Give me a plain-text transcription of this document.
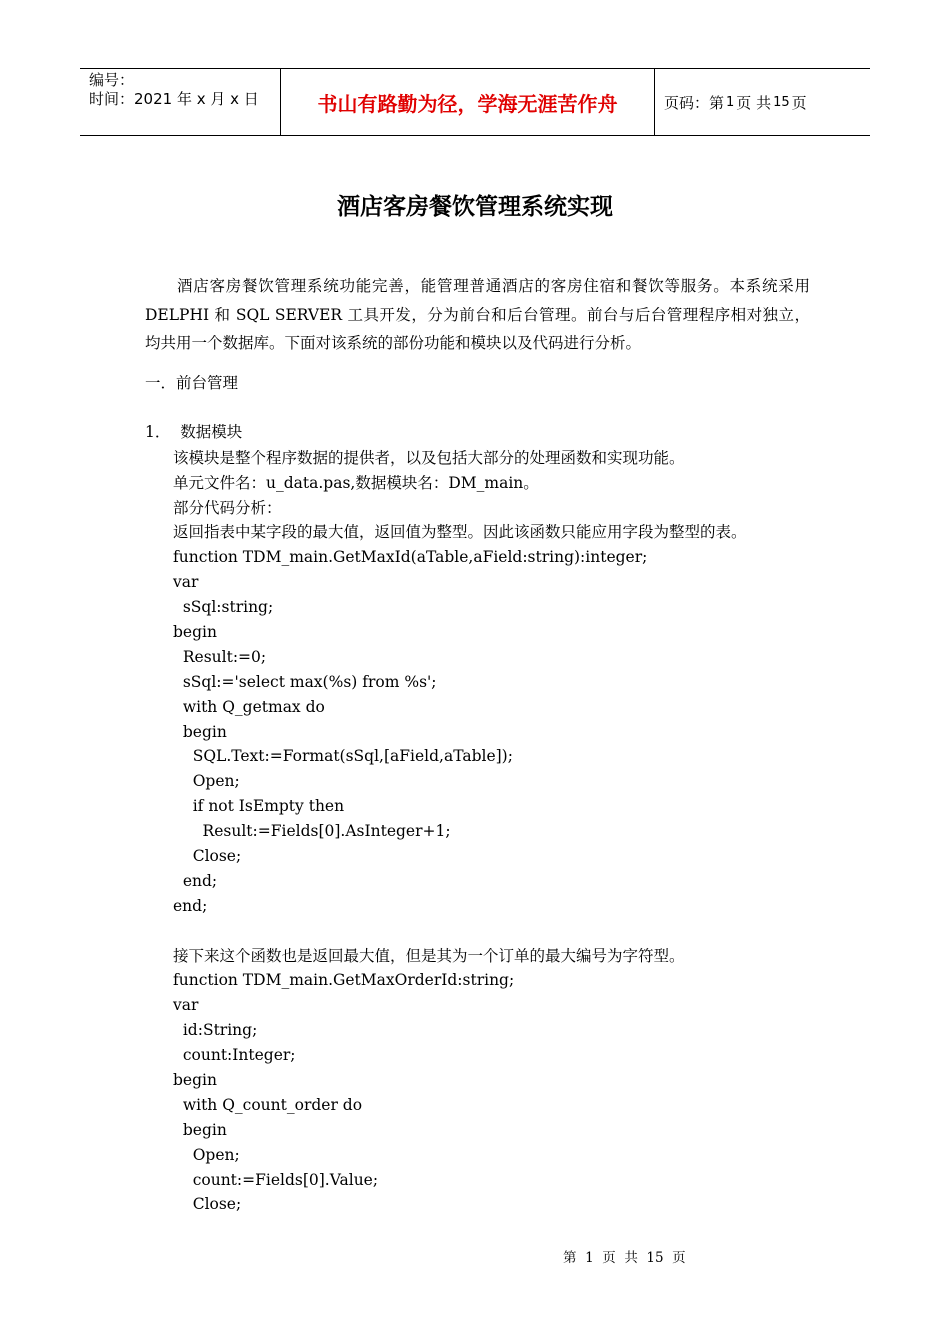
编号：
时间：2021 年 x 月 x 日	书山有路勤为径，学海无涯苦作舟	页码：第 1 页 共 15 页
酒店客房餐饮管理系统实现
酒店客房餐饮管理系统功能完善，能管理普通酒店的客房住宿和餐饮等服务。本系统采用 DELPHI 和 SQL SERVER 工具开发，分为前台和后台管理。前台与后台管理程序相对独立，均共用一个数据库。下面对该系统的部份功能和模块以及代码进行分析。
一．前台管理
1．  数据模块
该模块是整个程序数据的提供者，以及包括大部分的处理函数和实现功能。
单元文件名：u_data.pas,数据模块名：DM_main。
部分代码分析：
返回指表中某字段的最大值，返回值为整型。因此该函数只能应用字段为整型的表。
function TDM_main.GetMaxId(aTable,aField:string):integer;
var
sSql:string;
begin
Result:=0;
sSql:='select max(%s) from %s';
with Q_getmax do
begin
SQL.Text:=Format(sSql,[aField,aTable]);
Open;
if not IsEmpty then
Result:=Fields[0].AsInteger+1;
Close;
end;
end;
接下来这个函数也是返回最大值，但是其为一个订单的最大编号为字符型。
function TDM_main.GetMaxOrderId:string;
var
id:String;
count:Integer;
begin
with Q_count_order do
begin
Open;
count:=Fields[0].Value;
Close;
第  1  页  共  15  页
